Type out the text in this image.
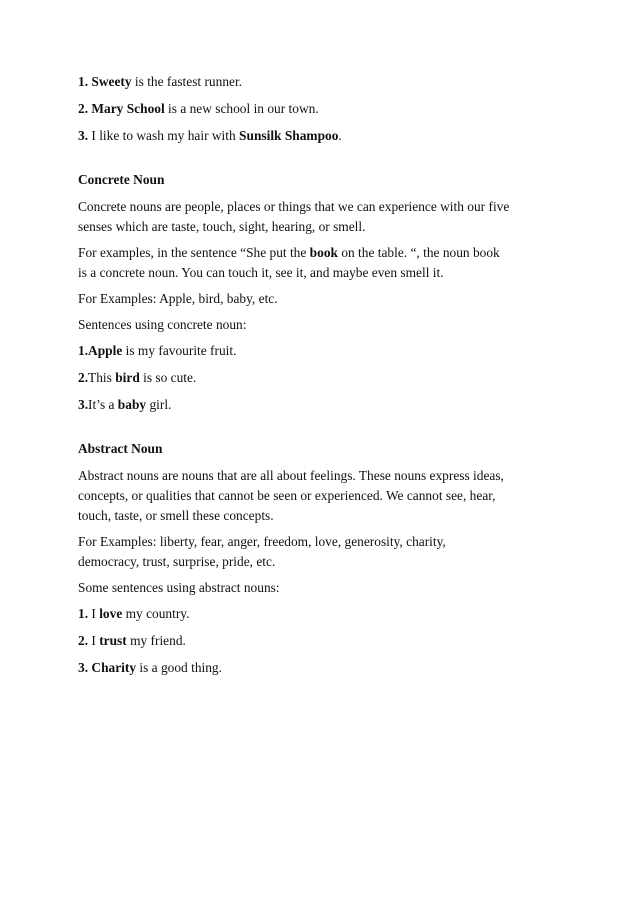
1. Sweety is the fastest runner.

2. Mary School is a new school in our town.

3. I like to wash my hair with Sunsilk Shampoo.

Concrete Noun

Concrete nouns are people, places or things that we can experience with our five
senses which are taste, touch, sight, hearing, or smell.

For examples, in the sentence “She put the book on the table. “, the noun book
is a concrete noun. You can touch it, see it, and maybe even smell it.

For Examples: Apple, bird, baby, etc.

Sentences using concrete noun:

1.Apple is my favourite fruit.

2.This bird is so cute.

3.It’s a baby girl.

Abstract Noun

Abstract nouns are nouns that are all about feelings. These nouns express ideas,
concepts, or qualities that cannot be seen or experienced. We cannot see, hear,
touch, taste, or smell these concepts.

For Examples: liberty, fear, anger, freedom, love, generosity, charity,
democracy, trust, surprise, pride, etc.

Some sentences using abstract nouns:

1. I love my country.

2. I trust my friend.

3. Charity is a good thing.
